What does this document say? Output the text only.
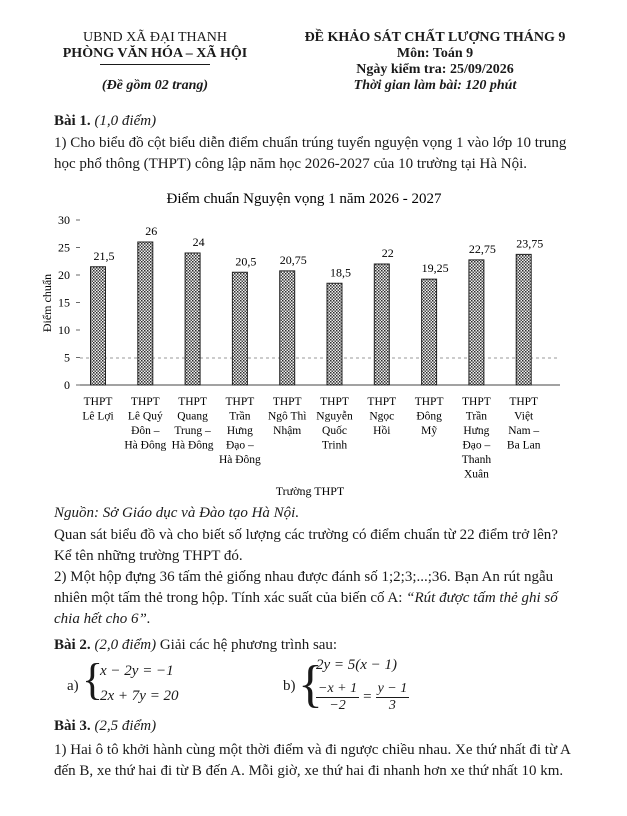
UBND XÃ ĐẠI THANH
PHÒNG VĂN HÓA – XÃ HỘI
(Đề gồm 02 trang)
ĐỀ KHẢO SÁT CHẤT LƯỢNG THÁNG 9
Môn: Toán 9
Ngày kiểm tra: 25/09/2026
Thời gian làm bài: 120 phút
Bài 1. (1,0 điểm)
1) Cho biểu đồ cột biểu diễn điểm chuẩn trúng tuyển nguyện vọng 1 vào lớp 10 trung học phổ thông (THPT) công lập năm học 2026-2027 của 10 trường tại Hà Nội.
Điểm chuẩn Nguyện vọng 1 năm 2026 - 2027
Điểm chuẩn
0
5
10
15
20
25
30
21,5
26
24
20,5 20,75
18,5
22
19,25
22,75 23,75
THPT Lê Lợi
THPT Lê Quý Đôn – Hà Đông
THPT Quang Trung – Hà Đông
THPT Trần Hưng Đạo – Hà Đông
THPT Ngô Thì Nhậm
THPT Nguyễn Quốc Trinh
THPT Ngọc Hồi
THPT Đông Mỹ
THPT Trần Hưng Đạo – Thanh Xuân
THPT Việt Nam – Ba Lan
Trường THPT
Nguồn: Sở Giáo dục và Đào tạo Hà Nội.
Quan sát biểu đồ và cho biết số lượng các trường có điểm chuẩn từ 22 điểm trở lên? Kể tên những trường THPT đó.
2) Một hộp đựng 36 tấm thẻ giống nhau được đánh số 1;2;3;...;36. Bạn An rút ngẫu nhiên một tấm thẻ trong hộp. Tính xác suất của biến cố A: “Rút được tấm thẻ ghi số chia hết cho 6”.
Bài 2. (2,0 điểm) Giải các hệ phương trình sau:
a) {
x − 2y = −1
2x + 7y = 20
b) {
2y = 5(x − 1)
$\frac{-x + 1}{-2} = \frac{y - 1}{3}$
Bài 3. (2,5 điểm)
1) Hai ô tô khởi hành cùng một thời điểm và đi ngược chiều nhau. Xe thứ nhất đi từ A đến B, xe thứ hai đi từ B đến A. Mỗi giờ, xe thứ hai đi nhanh hơn xe thứ nhất 10 km.
